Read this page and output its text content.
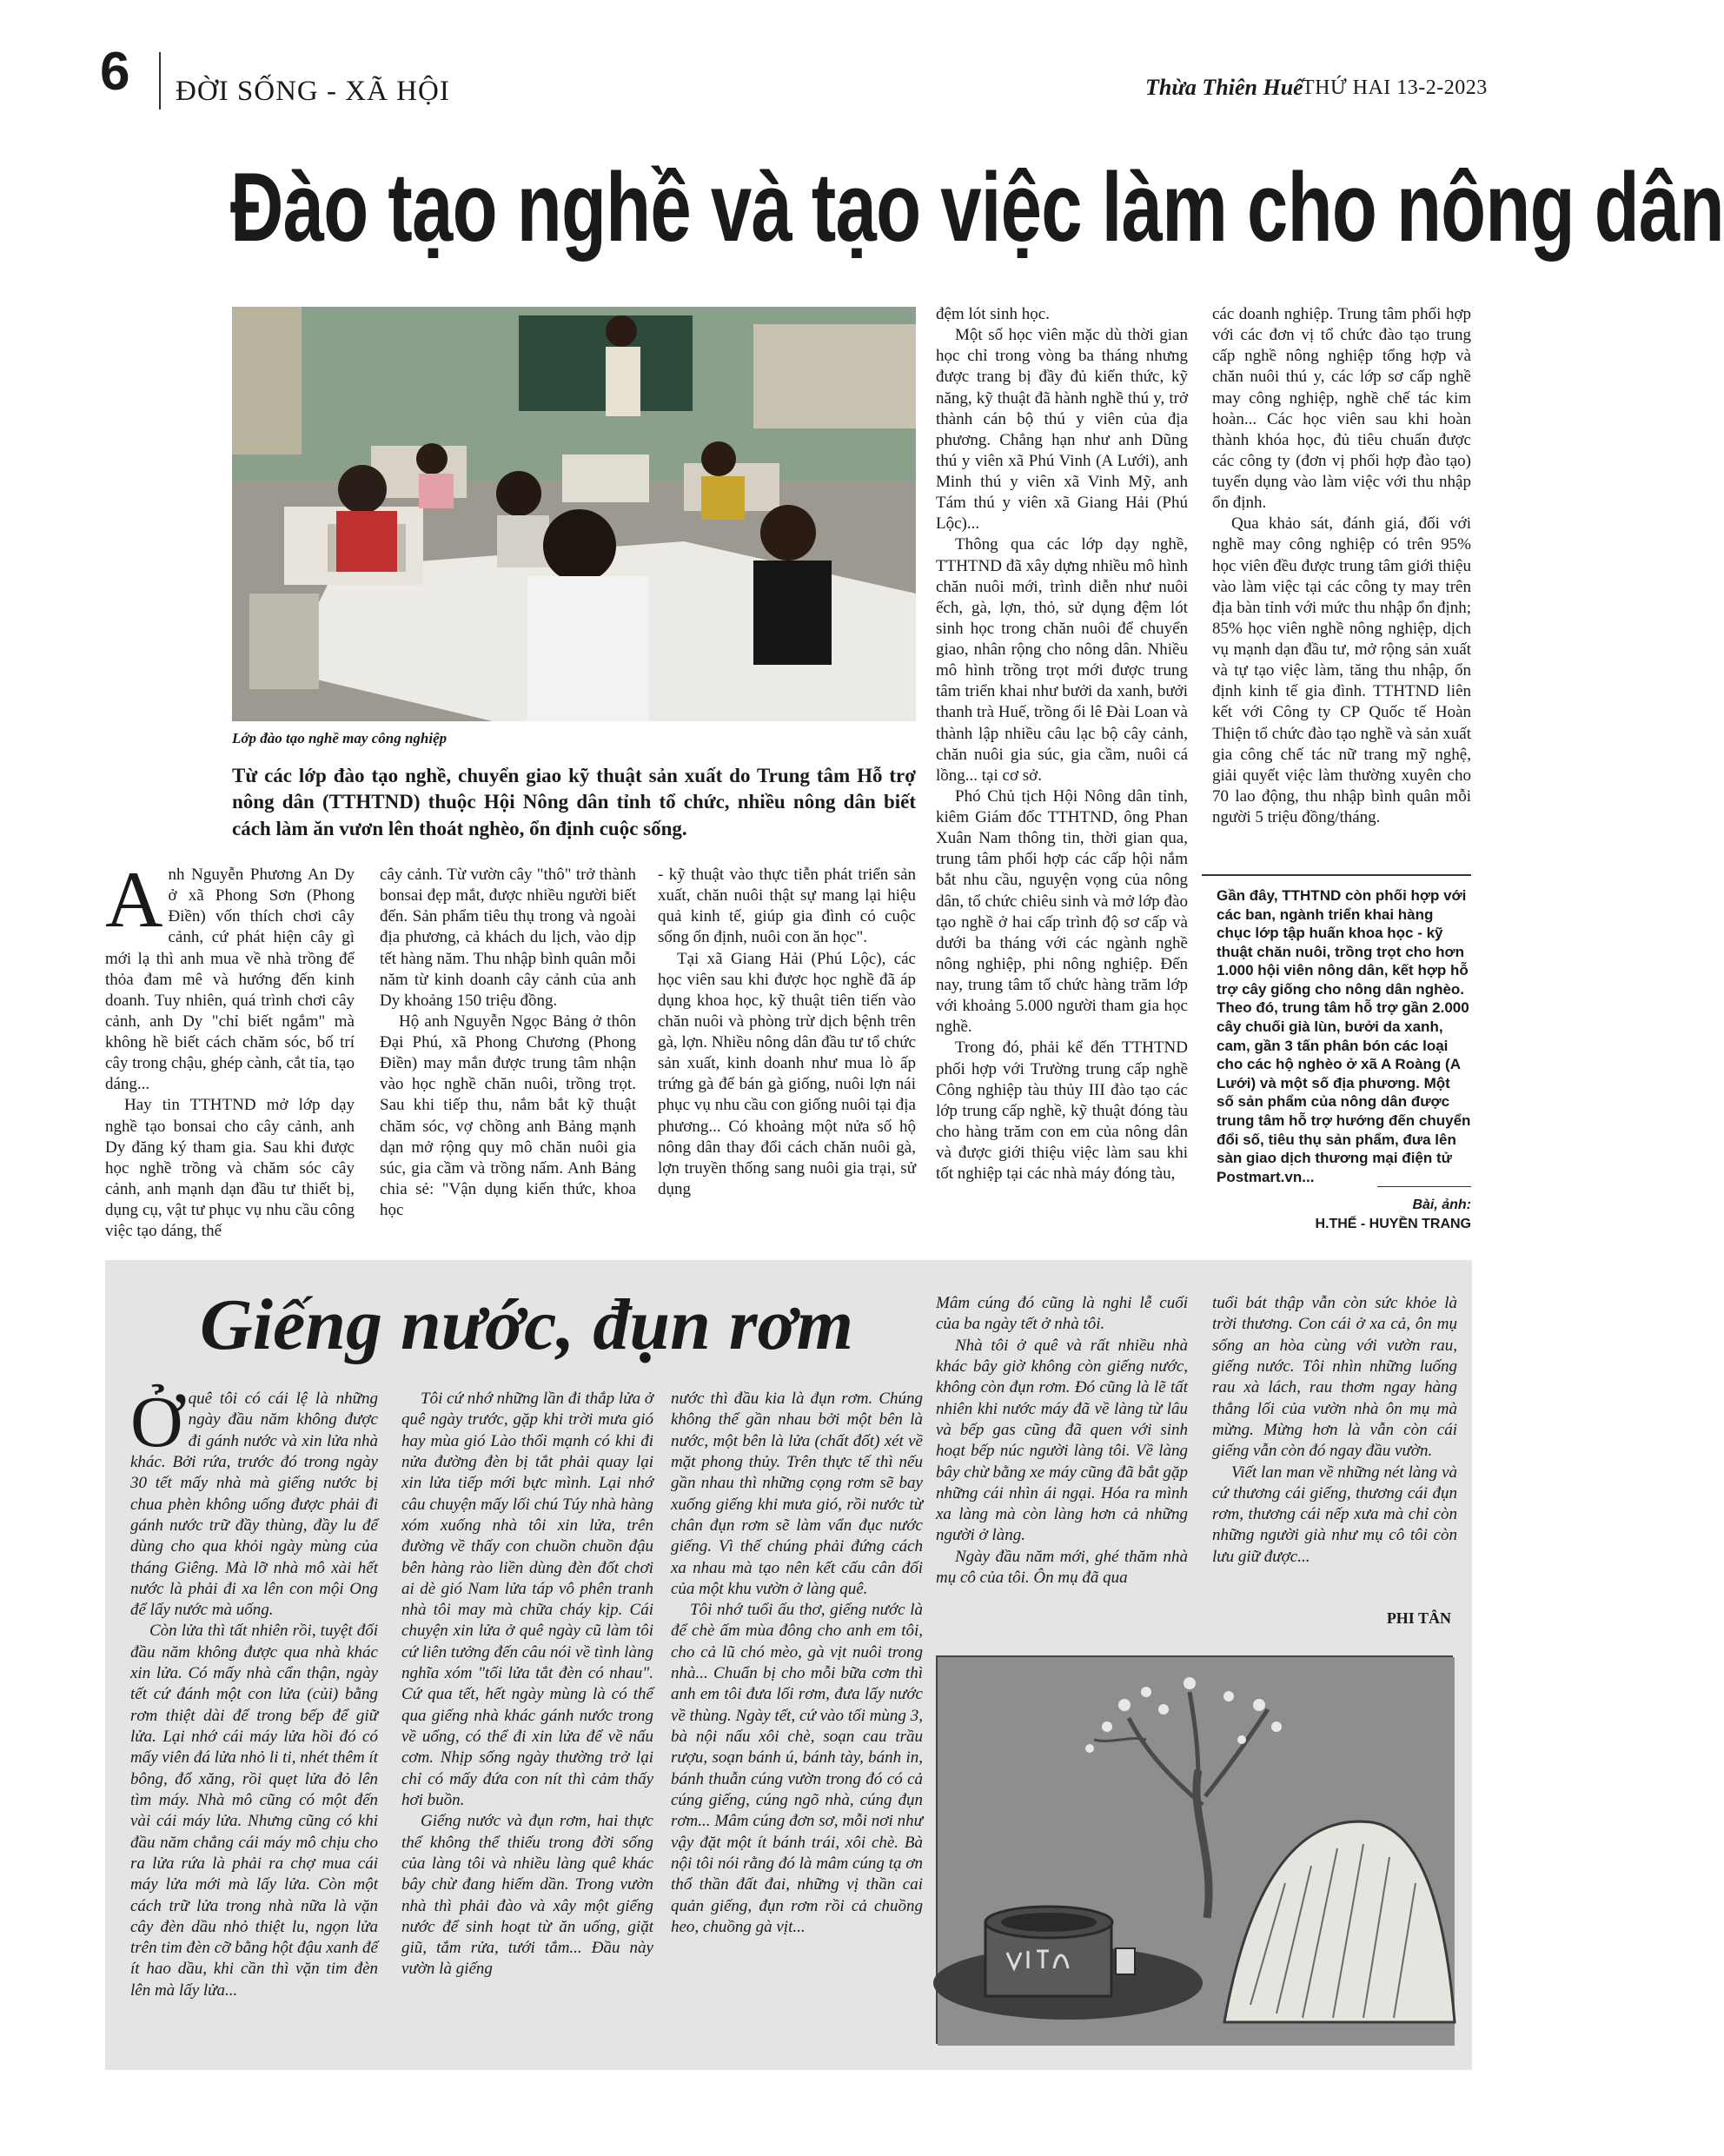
6 ĐỜI SỐNG - XÃ HỘI	Thừa Thiên Huế
THỨ HAI 13-2-2023
Đào tạo nghề và tạo việc làm cho nông dân
Lớp đào tạo nghề may công nghiệp
Từ các lớp đào tạo nghề, chuyển giao kỹ thuật sản xuất do Trung tâm Hỗ trợ nông dân (TTHTND) thuộc Hội Nông dân tỉnh tổ chức, nhiều nông dân biết cách làm ăn vươn lên thoát nghèo, ổn định cuộc sống.
A nh Nguyễn Phương An Dy ở xã Phong Sơn (Phong Điền) vốn thích chơi cây cảnh, cứ phát hiện cây gì mới lạ thì anh mua về nhà trồng để thỏa đam mê và hướng đến kinh doanh. Tuy nhiên, quá trình chơi cây cảnh, anh Dy "chỉ biết ngắm" mà không hề biết cách chăm sóc, bố trí cây trong chậu, ghép cành, cắt tỉa, tạo dáng...

Hay tin TTHTND mở lớp dạy nghề tạo bonsai cho cây cảnh, anh Dy đăng ký tham gia. Sau khi được học nghề trồng và chăm sóc cây cảnh, anh mạnh dạn đầu tư thiết bị, dụng cụ, vật tư phục vụ nhu cầu công việc tạo dáng, thế

cây cảnh. Từ vườn cây "thô" trở thành bonsai đẹp mắt, được nhiều người biết đến. Sản phẩm tiêu thụ trong và ngoài địa phương, cả khách du lịch, vào dịp tết hàng năm. Thu nhập bình quân mỗi năm từ kinh doanh cây cảnh của anh Dy khoảng 150 triệu đồng.

Hộ anh Nguyễn Ngọc Bảng ở thôn Đại Phú, xã Phong Chương (Phong Điền) may mắn được trung tâm nhận vào học nghề chăn nuôi, trồng trọt. Sau khi tiếp thu, nắm bắt kỹ thuật chăm sóc, vợ chồng anh Bảng mạnh dạn mở rộng quy mô chăn nuôi gia súc, gia cầm và trồng nấm. Anh Bảng chia sẻ: "Vận dụng kiến thức, khoa học

- kỹ thuật vào thực tiễn phát triển sản xuất, chăn nuôi thật sự mang lại hiệu quả kinh tế, giúp gia đình có cuộc sống ổn định, nuôi con ăn học".

Tại xã Giang Hải (Phú Lộc), các học viên sau khi được học nghề đã áp dụng khoa học, kỹ thuật tiên tiến vào chăn nuôi và phòng trừ dịch bệnh trên gà, lợn. Nhiều nông dân đầu tư tổ chức sản xuất, kinh doanh như mua lò ấp trứng gà để bán gà giống, nuôi lợn nái phục vụ nhu cầu con giống nuôi tại địa phương... Có khoảng một nửa số hộ nông dân thay đổi cách chăn nuôi gà, lợn truyền thống sang nuôi gia trại, sử dụng

đệm lót sinh học.

Một số học viên mặc dù thời gian học chỉ trong vòng ba tháng nhưng được trang bị đầy đủ kiến thức, kỹ năng, kỹ thuật đã hành nghề thú y, trở thành cán bộ thú y viên của địa phương. Chẳng hạn như anh Dũng thú y viên xã Phú Vinh (A Lưới), anh Minh thú y viên xã Vinh Mỹ, anh Tám thú y viên xã Giang Hải (Phú Lộc)...

Thông qua các lớp dạy nghề, TTHTND đã xây dựng nhiều mô hình chăn nuôi mới, trình diễn như nuôi ếch, gà, lợn, thỏ, sử dụng đệm lót sinh học trong chăn nuôi để chuyển giao, nhân rộng cho nông dân. Nhiều mô hình trồng trọt mới được trung tâm triển khai như bưởi da xanh, bưởi thanh trà Huế, trồng ổi lê Đài Loan và thành lập nhiều câu lạc bộ cây cảnh, chăn nuôi gia súc, gia cầm, nuôi cá lồng... tại cơ sở.

Phó Chủ tịch Hội Nông dân tỉnh, kiêm Giám đốc TTHTND, ông Phan Xuân Nam thông tin, thời gian qua, trung tâm phối hợp các cấp hội nắm bắt nhu cầu, nguyện vọng của nông dân, tổ chức chiêu sinh và mở lớp đào tạo nghề ở hai cấp trình độ sơ cấp và dưới ba tháng với các ngành nghề nông nghiệp, phi nông nghiệp. Đến nay, trung tâm tổ chức hàng trăm lớp với khoảng 5.000 người tham gia học nghề.

Trong đó, phải kể đến TTHTND phối hợp với Trường trung cấp nghề Công nghiệp tàu thủy III đào tạo các lớp trung cấp nghề, kỹ thuật đóng tàu cho hàng trăm con em của nông dân và được giới thiệu việc làm sau khi tốt nghiệp tại các nhà máy đóng tàu,

các doanh nghiệp. Trung tâm phối hợp với các đơn vị tổ chức đào tạo trung cấp nghề nông nghiệp tổng hợp và chăn nuôi thú y, các lớp sơ cấp nghề may công nghiệp, nghề chế tác kim hoàn... Các học viên sau khi hoàn thành khóa học, đủ tiêu chuẩn được các công ty (đơn vị phối hợp đào tạo) tuyển dụng vào làm việc với thu nhập ổn định.

Qua khảo sát, đánh giá, đối với nghề may công nghiệp có trên 95% học viên đều được trung tâm giới thiệu vào làm việc tại các công ty may trên địa bàn tỉnh với mức thu nhập ổn định; 85% học viên nghề nông nghiệp, dịch vụ mạnh dạn đầu tư, mở rộng sản xuất và tự tạo việc làm, tăng thu nhập, ổn định kinh tế gia đình. TTHTND liên kết với Công ty CP Quốc tế Hoàn Thiện tổ chức đào tạo nghề và sản xuất gia công chế tác nữ trang mỹ nghệ, giải quyết việc làm thường xuyên cho 70 lao động, thu nhập bình quân mỗi người 5 triệu đồng/tháng.

Gần đây, TTHTND còn phối hợp với các ban, ngành triển khai hàng chục lớp tập huấn khoa học - kỹ thuật chăn nuôi, trồng trọt cho hơn 1.000 hội viên nông dân, kết hợp hỗ trợ cây giống cho nông dân nghèo. Theo đó, trung tâm hỗ trợ gần 2.000 cây chuối già lùn, bưởi da xanh, cam, gần 3 tấn phân bón các loại cho các hộ nghèo ở xã A Roàng (A Lưới) và một số địa phương. Một số sản phẩm của nông dân được trung tâm hỗ trợ hướng đến chuyển đổi số, tiêu thụ sản phẩm, đưa lên sàn giao dịch thương mại điện tử Postmart.vn...
Bài, ảnh:
H.THẾ - HUYỀN TRANG
Giếng nước, đụn rơm
Ở quê tôi có cái lệ là những ngày đầu năm không được đi gánh nước và xin lửa nhà khác. Bởi rứa, trước đó trong ngày 30 tết mấy nhà mà giếng nước bị chua phèn không uống được phải đi gánh nước trữ đầy thùng, đầy lu để dùng cho qua khỏi ngày mùng của tháng Giêng. Mà lỡ nhà mô xài hết nước là phải đi xa lên con mội Ong để lấy nước mà uống.

Còn lửa thì tất nhiên rồi, tuyệt đối đầu năm không được qua nhà khác xin lửa. Có mấy nhà cẩn thận, ngày tết cứ đánh một con lửa (củi) bằng rơm thiệt dài để trong bếp để giữ lửa. Lại nhớ cái máy lửa hồi đó có mấy viên đá lửa nhỏ li ti, nhét thêm ít bông, đổ xăng, rồi quẹt lửa đỏ lên tìm máy. Nhà mô cũng có một đến vài cái máy lửa. Nhưng cũng có khi đầu năm chẳng cái máy mô chịu cho ra lửa rứa là phải ra chợ mua cái máy lửa mới mà lấy lửa. Còn một cách trữ lửa trong nhà nữa là vặn cây đèn dầu nhỏ thiệt lu, ngọn lửa trên tim đèn cỡ bằng hột đậu xanh để ít hao dầu, khi cần thì vặn tim đèn lên mà lấy lửa...

Tôi cứ nhớ những lần đi thắp lửa ở quê ngày trước, gặp khi trời mưa gió hay mùa gió Lào thổi mạnh có khi đi nửa đường đèn bị tắt phải quay lại xin lửa tiếp mới bực mình. Lại nhớ câu chuyện mấy lối chú Túy nhà hàng xóm xuống nhà tôi xin lửa, trên đường về thấy con chuồn chuồn đậu bên hàng rào liền dùng đèn đốt chơi ai dè gió Nam lửa táp vô phên tranh nhà tôi may mà chữa cháy kịp. Cái chuyện xin lửa ở quê ngày cũ làm tôi cứ liên tưởng đến câu nói về tình làng nghĩa xóm "tối lửa tắt đèn có nhau". Cứ qua tết, hết ngày mùng là có thể qua giếng nhà khác gánh nước trong về uống, có thể đi xin lửa để về nấu cơm. Nhịp sống ngày thường trở lại chỉ có mấy đứa con nít thì cảm thấy hơi buồn.

Giếng nước và đụn rơm, hai thực thể không thể thiếu trong đời sống của làng tôi và nhiều làng quê khác bây chừ đang hiếm dần. Trong vườn nhà thì phải đào và xây một giếng nước để sinh hoạt từ ăn uống, giặt giũ, tắm rửa, tưới tắm... Đầu này vườn là giếng

nước thì đầu kia là đụn rơm. Chúng không thể gần nhau bởi một bên là nước, một bên là lửa (chất đốt) xét về mặt phong thủy. Trên thực tế thì nếu gần nhau thì những cọng rơm sẽ bay xuống giếng khi mưa gió, rồi nước từ chân đụn rơm sẽ làm vẩn đục nước giếng. Vì thế chúng phải đứng cách xa nhau mà tạo nên kết cấu cân đối của một khu vườn ở làng quê.

Tôi nhớ tuổi ấu thơ, giếng nước là để chè ấm mùa đông cho anh em tôi, cho cả lũ chó mèo, gà vịt nuôi trong nhà... Chuẩn bị cho mỗi bữa cơm thì anh em tôi đưa lối rơm, đưa lấy nước về thùng. Ngày tết, cứ vào tối mùng 3, bà nội nấu xôi chè, soạn cau trầu rượu, soạn bánh ú, bánh tày, bánh in, bánh thuẫn cúng vườn trong đó có cả cúng giếng, cúng ngõ nhà, cúng đụn rơm... Mâm cúng đơn sơ, mỗi nơi như vậy đặt một ít bánh trái, xôi chè. Bà nội tôi nói rằng đó là mâm cúng tạ ơn thổ thần đất đai, những vị thần cai quản giếng, đụn rơm rồi cả chuồng heo, chuồng gà vịt...

Mâm cúng đó cũng là nghi lễ cuối của ba ngày tết ở nhà tôi.

Nhà tôi ở quê và rất nhiều nhà khác bây giờ không còn giếng nước, không còn đụn rơm. Đó cũng là lẽ tất nhiên khi nước máy đã về làng từ lâu và bếp gas cũng đã quen với sinh hoạt bếp núc người làng tôi. Về làng bây chừ bằng xe máy cũng đã bắt gặp những cái nhìn ái ngại. Hóa ra mình xa làng mà còn làng hơn cả những người ở làng.

Ngày đầu năm mới, ghé thăm nhà mụ cô của tôi. Ôn mụ đã qua

tuổi bát thập vẫn còn sức khỏe là trời thương. Con cái ở xa cả, ôn mụ sống an hòa cùng với vườn rau, giếng nước. Tôi nhìn những luống rau xà lách, rau thơm ngay hàng thẳng lối của vườn nhà ôn mụ mà mừng. Mừng hơn là vẫn còn cái giếng vẫn còn đó ngay đầu vườn.

Viết lan man về những nét làng và cứ thương cái giếng, thương cái đụn rơm, thương cái nếp xưa mà chỉ còn những người già như mụ cô tôi còn lưu giữ được...

PHI TÂN
